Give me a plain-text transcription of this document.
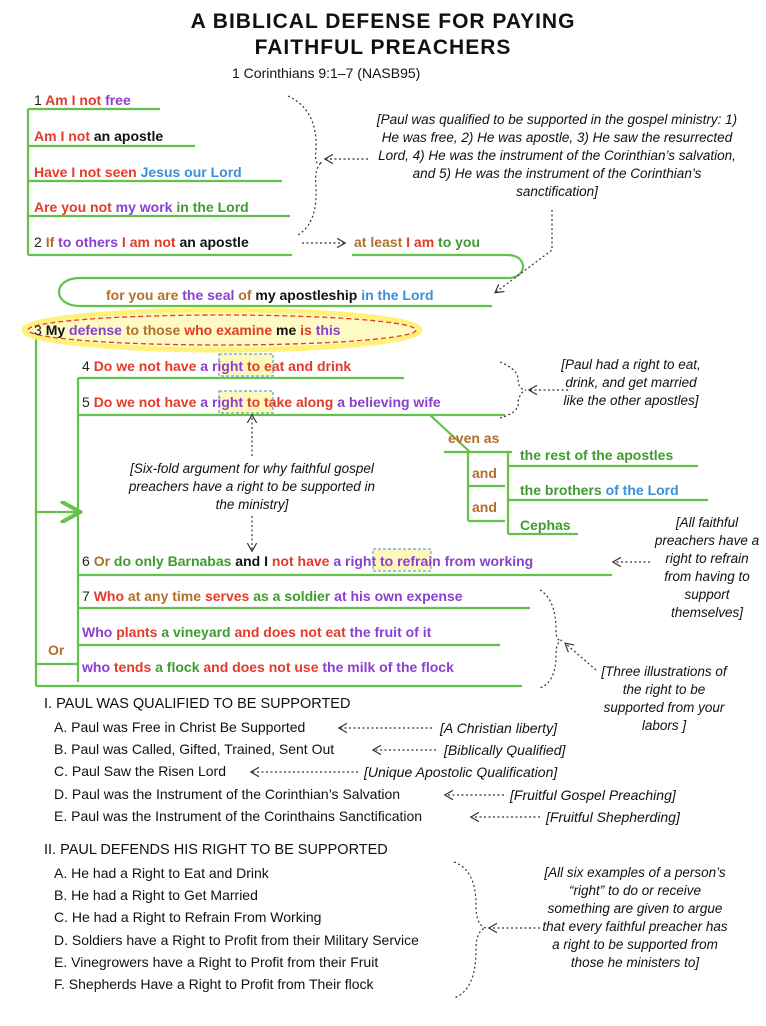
A BIBLICAL DEFENSE FOR PAYING
FAITHFUL PREACHERS
1 Corinthians 9:1–7 (NASB95)
1 Am I not free
Am I not an apostle
Have I not seen Jesus our Lord
Are you not my work in the Lord
2 If to others I am not an apostle	at least I am to you
for you are the seal of my apostleship in the Lord
3 My defense to those who examine me is this
4 Do we not have a right to eat and drink
5 Do we not have a right to take along a believing wife
even as
the rest of the apostles
and
the brothers of the Lord
and
Cephas
6 Or do only Barnabas and I not have a right to refrain from working
7 Who at any time serves as a soldier at his own expense
Who plants a vineyard and does not eat the fruit of it
Or
who tends a flock and does not use the milk of the flock
[Paul was qualified to be supported in the gospel ministry: 1) He was free, 2) He was apostle, 3) He saw the resurrected Lord, 4) He was the instrument of the Corinthian’s salvation, and 5) He was the instrument of the Corinthian’s sanctification]
[Paul had a right to eat, drink, and get married like the other apostles]
[Six-fold argument for why faithful gospel preachers have a right to be supported in the ministry]
[All faithful preachers have a right to refrain from having to support themselves]
[Three illustrations of the right to be supported from your labors ]
[All six examples of a person’s “right” to do or receive something are given to argue that every faithful preacher has a right to be supported from those he ministers to]
I. PAUL WAS QUALIFIED TO BE SUPPORTED
A. Paul was Free in Christ Be Supported	[A Christian liberty]
B. Paul was Called, Gifted, Trained, Sent Out	[Biblically Qualified]
C. Paul Saw the Risen Lord	[Unique Apostolic Qualification]
D. Paul was the Instrument of the Corinthian’s Salvation	[Fruitful Gospel Preaching]
E. Paul was the Instrument of the Corinthains Sanctification	[Fruitful Shepherding]
II. PAUL DEFENDS HIS RIGHT TO BE SUPPORTED
A. He had a Right to Eat and Drink
B. He had a Right to Get Married
C. He had a Right to Refrain From Working
D. Soldiers have a Right to Profit from their Military Service
E. Vinegrowers have a Right to Profit from their Fruit
F. Shepherds Have a Right to Profit from Their flock
